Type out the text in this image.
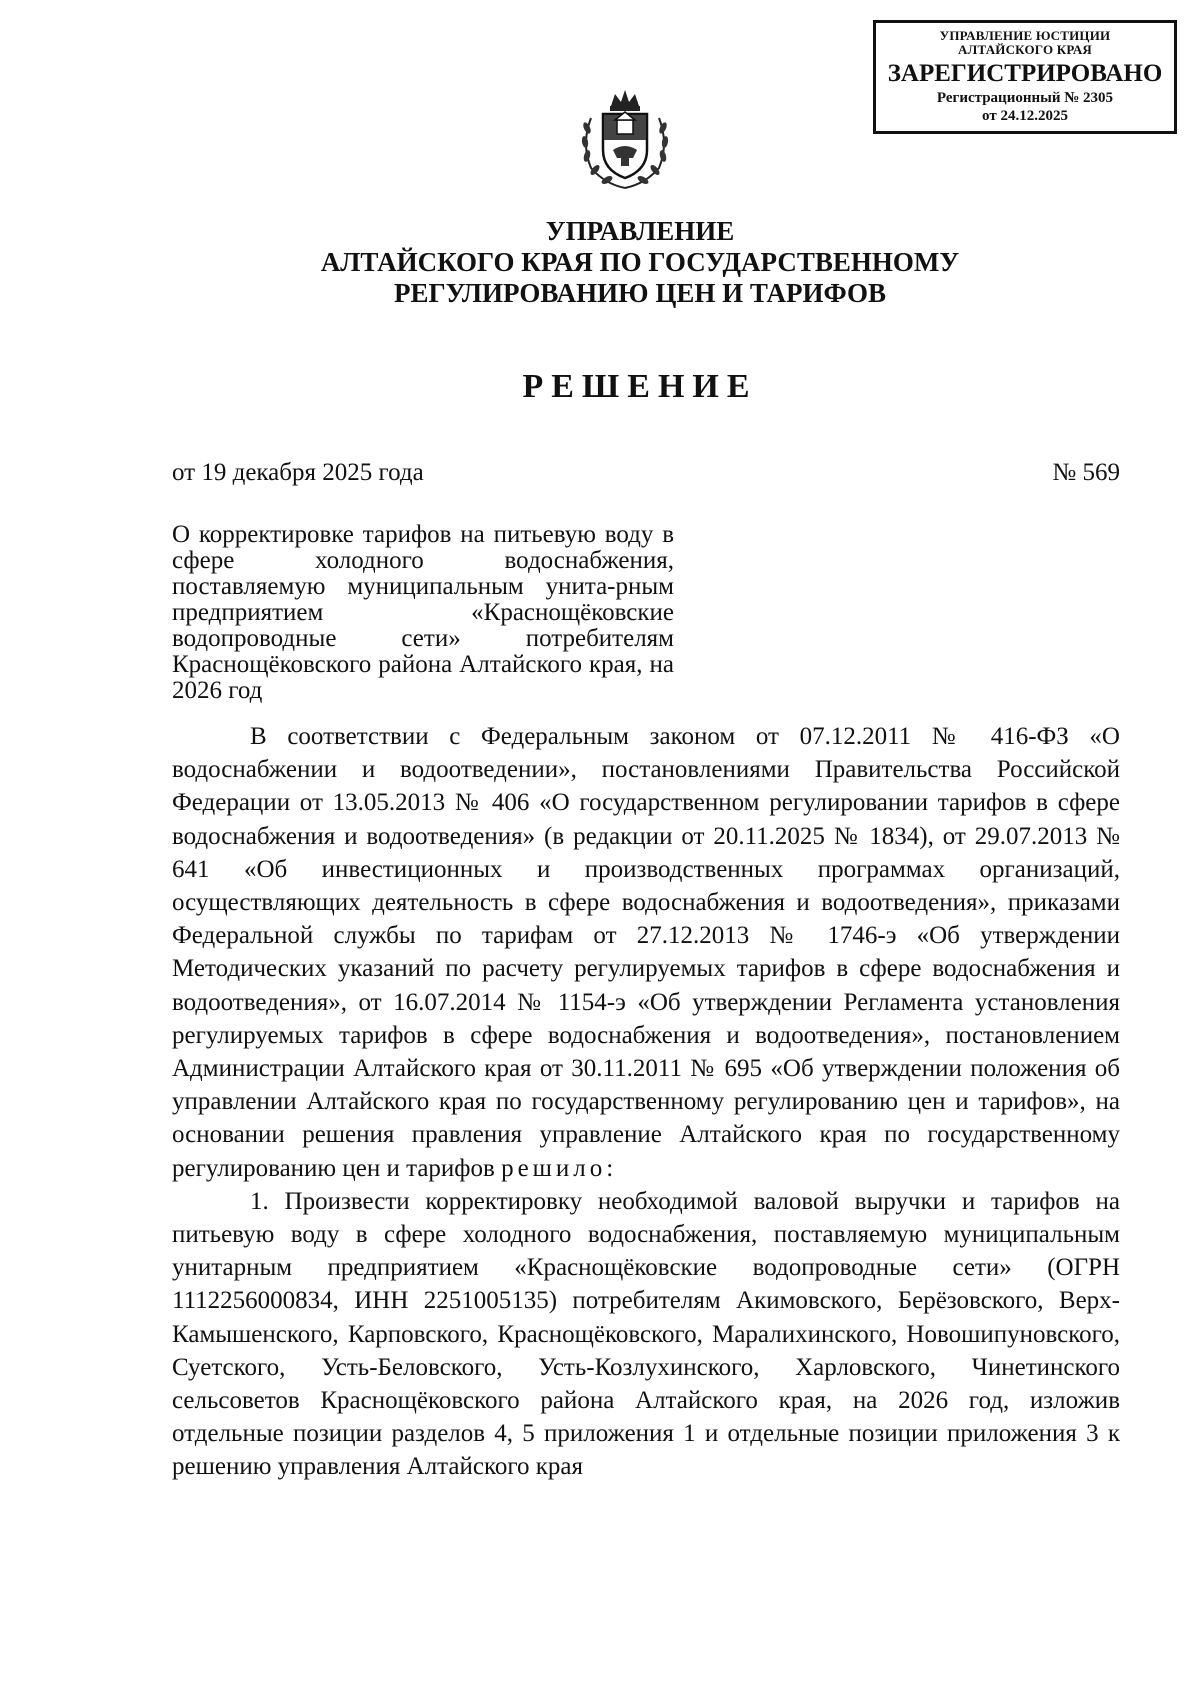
УПРАВЛЕНИЕ ЮСТИЦИИ
АЛТАЙСКОГО КРАЯ
ЗАРЕГИСТРИРОВАНО
Регистрационный № 2305
от 24.12.2025
УПРАВЛЕНИЕ
АЛТАЙСКОГО КРАЯ ПО ГОСУДАРСТВЕННОМУ
РЕГУЛИРОВАНИЮ ЦЕН И ТАРИФОВ
РЕШЕНИЕ
от 19 декабря 2025 года	№ 569
О корректировке тарифов на питьевую воду в сфере холодного водоснабжения, поставляемую муниципальным унита-рным предприятием «Краснощёковские водопроводные сети» потребителям Краснощёковского района Алтайского края, на 2026 год

В соответствии с Федеральным законом от 07.12.2011 № 416-ФЗ «О водоснабжении и водоотведении», постановлениями Правительства Российской Федерации от 13.05.2013 № 406 «О государственном регулировании тарифов в сфере водоснабжения и водоотведения» (в редакции от 20.11.2025 № 1834), от 29.07.2013 № 641 «Об инвестиционных и производственных программах организаций, осуществляющих деятельность в сфере водоснабжения и водоотведения», приказами Федеральной службы по тарифам от 27.12.2013 № 1746-э «Об утверждении Методических указаний по расчету регулируемых тарифов в сфере водоснабжения и водоотведения», от 16.07.2014 № 1154-э «Об утверждении Регламента установления регулируемых тарифов в сфере водоснабжения и водоотведения», постановлением Администрации Алтайского края от 30.11.2011 № 695 «Об утверждении положения об управлении Алтайского края по государственному регулированию цен и тарифов», на основании решения правления управление Алтайского края по государственному регулированию цен и тарифов решило:

1. Произвести корректировку необходимой валовой выручки и тарифов на питьевую воду в сфере холодного водоснабжения, поставляемую муниципальным унитарным предприятием «Краснощёковские водопроводные сети» (ОГРН 1112256000834, ИНН 2251005135) потребителям Акимовского, Берёзовского, Верх-Камышенского, Карповского, Краснощёковского, Маралихинского, Новошипуновского, Суетского, Усть-Беловского, Усть-Козлухинского, Харловского, Чинетинского сельсоветов Краснощёковского района Алтайского края, на 2026 год, изложив отдельные позиции разделов 4, 5 приложения 1 и отдельные позиции приложения 3 к решению управления Алтайского края
